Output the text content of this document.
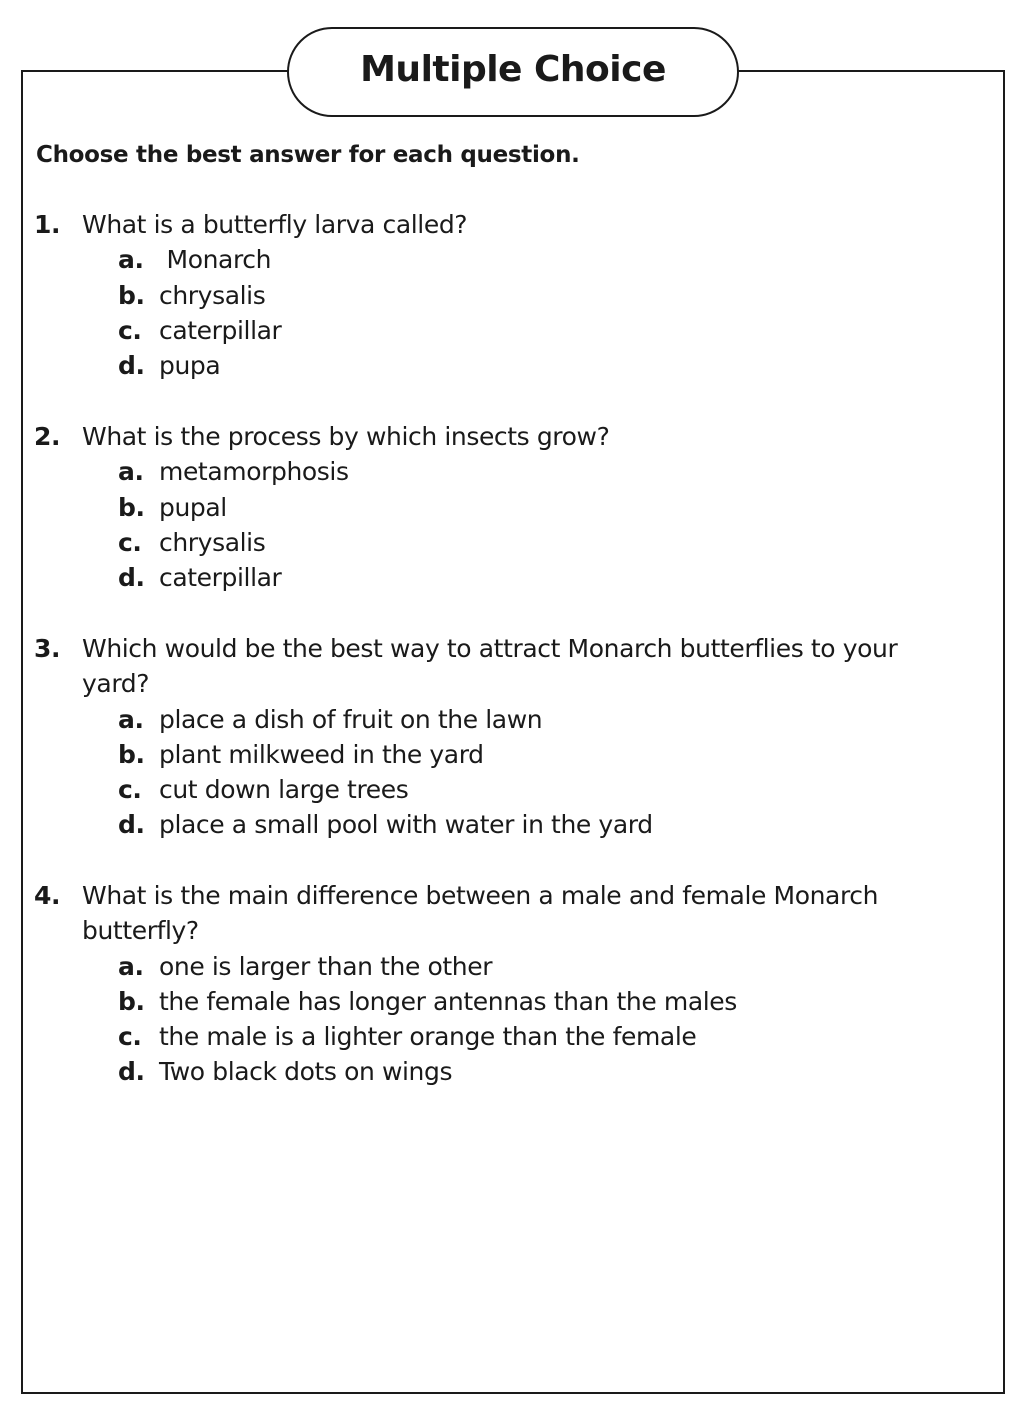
Multiple Choice

Choose the best answer for each question.

1. What is a butterfly larva called?
a. Monarch
b. chrysalis
c. caterpillar
d. pupa
2. What is the process by which insects grow?
a. metamorphosis
b. pupal
c. chrysalis
d. caterpillar
3. Which would be the best way to attract Monarch butterflies to your yard?
a. place a dish of fruit on the lawn
b. plant milkweed in the yard
c. cut down large trees
d. place a small pool with water in the yard
4. What is the main difference between a male and female Monarch butterfly?
a. one is larger than the other
b. the female has longer antennas than the males
c. the male is a lighter orange than the female
d. Two black dots on wings
